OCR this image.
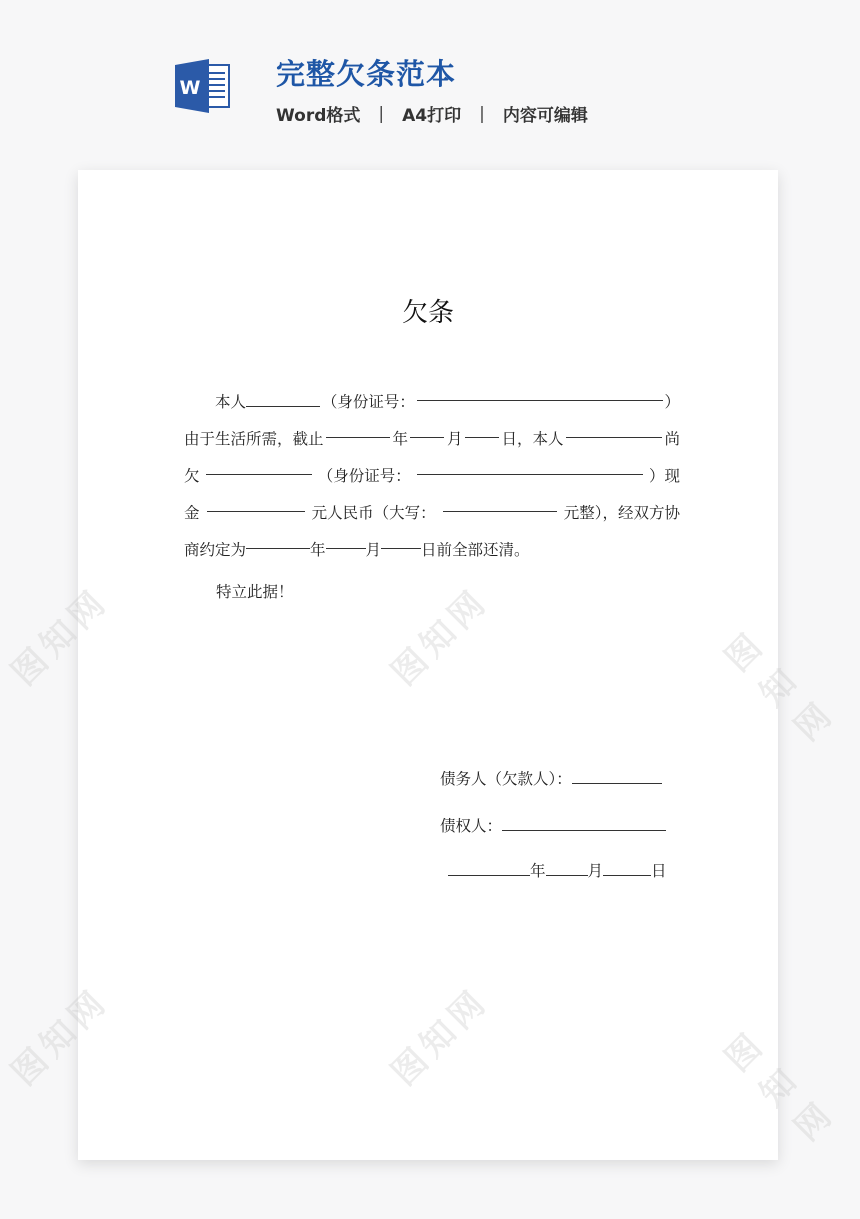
W	完整欠条范本
Word格式 | A4打印 | 内容可编辑
图知网	图知网	图知网
图知网	图知网	图知网
欠条
本人	（身份证号：	）
由于生活所需，截止	年	月	日，本人	尚
欠	（身份证号：	）现
金	元人民币（大写：	元整），经双方协
商约定为	年	月	日前全部还清。
特立此据！
债务人（欠款人）：
债权人：
年	月	日
